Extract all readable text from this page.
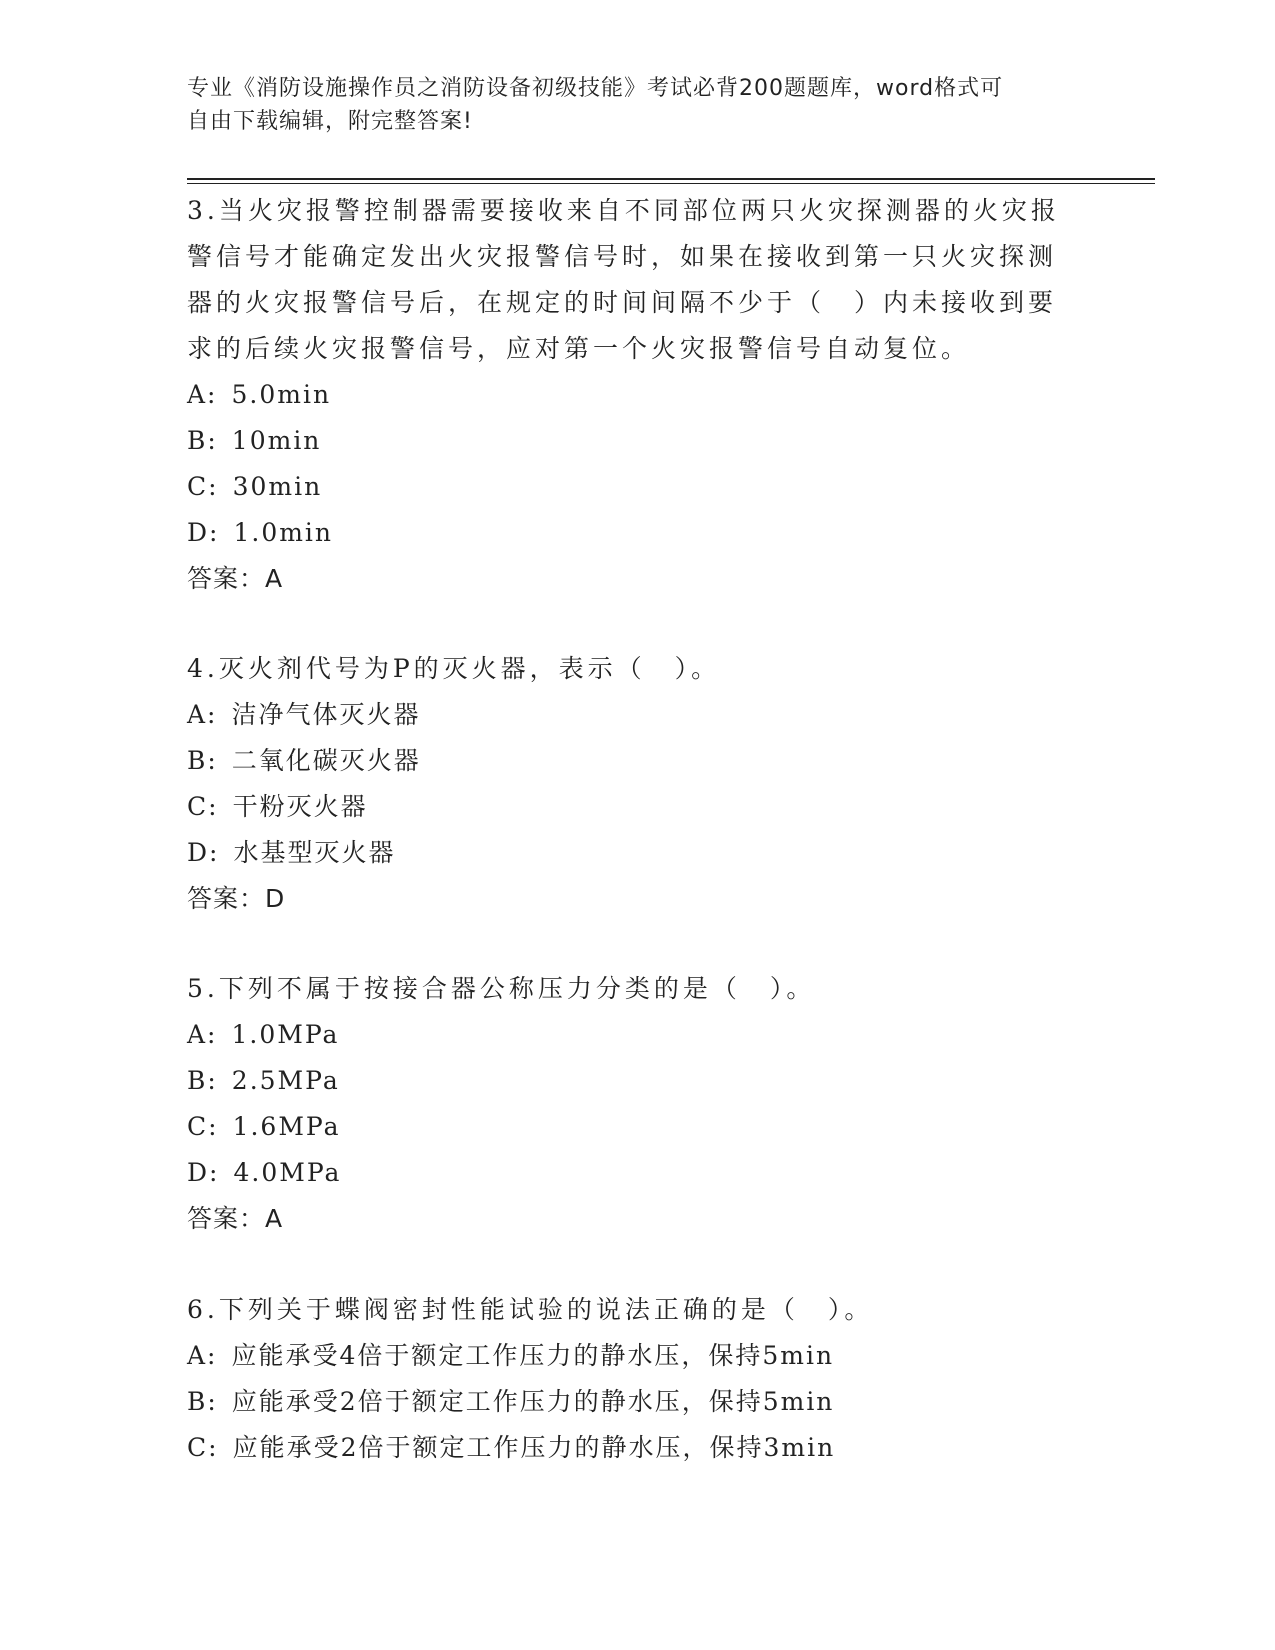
专业《消防设施操作员之消防设备初级技能》考试必背200题题库，word格式可
自由下载编辑，附完整答案!
3.当火灾报警控制器需要接收来自不同部位两只火灾探测器的火灾报
警信号才能确定发出火灾报警信号时，如果在接收到第一只火灾探测
器的火灾报警信号后，在规定的时间间隔不少于（　）内未接收到要
求的后续火灾报警信号，应对第一个火灾报警信号自动复位。
A: 5.0min
B: 10min
C: 30min
D: 1.0min
答案：A
4.灭火剂代号为P的灭火器，表示（　）。
A: 洁净气体灭火器
B: 二氧化碳灭火器
C: 干粉灭火器
D: 水基型灭火器
答案：D
5.下列不属于按接合器公称压力分类的是（　）。
A: 1.0MPa
B: 2.5MPa
C: 1.6MPa
D: 4.0MPa
答案：A
6.下列关于蝶阀密封性能试验的说法正确的是（　）。
A: 应能承受4倍于额定工作压力的静水压，保持5min
B: 应能承受2倍于额定工作压力的静水压，保持5min
C: 应能承受2倍于额定工作压力的静水压，保持3min
